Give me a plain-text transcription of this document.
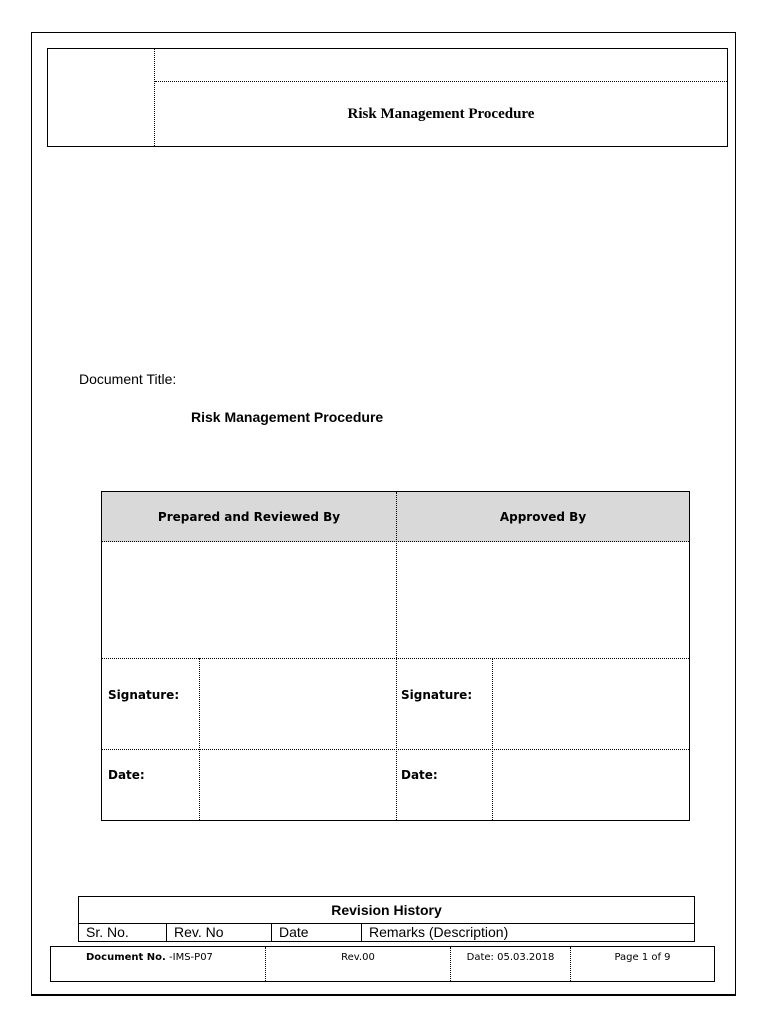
Risk Management Procedure
Document Title:
Risk Management Procedure
Prepared and Reviewed By	Approved By
Signature:	Signature:
Date:	Date:
Revision History
Sr. No.	Rev. No	Date	Remarks (Description)
Document No. -IMS-P07	Rev.00	Date: 05.03.2018	Page 1 of 9
